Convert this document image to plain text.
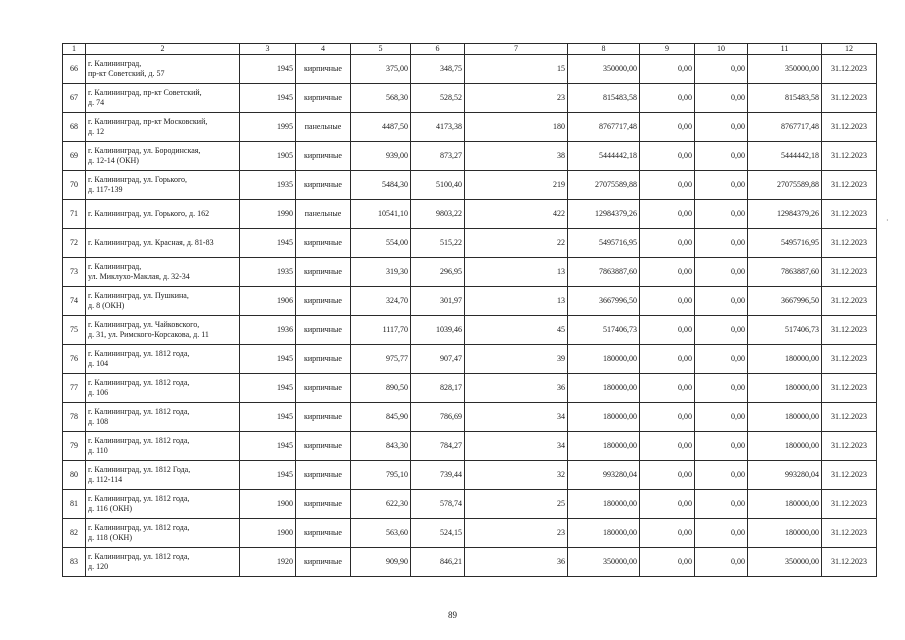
1	2	3	4	5	6	7	8	9	10	11	12
66	г. Калининград,
пр-кт Советский, д. 57	1945	кирпичные	375,00	348,75	15	350000,00	0,00	0,00	350000,00	31.12.2023
67	г. Калининград, пр-кт Советский,
д. 74	1945	кирпичные	568,30	528,52	23	815483,58	0,00	0,00	815483,58	31.12.2023
68	г. Калининград, пр-кт Московский,
д. 12	1995	панельные	4487,50	4173,38	180	8767717,48	0,00	0,00	8767717,48	31.12.2023
69	г. Калининград, ул. Бородинская,
д. 12-14 (ОКН)	1905	кирпичные	939,00	873,27	38	5444442,18	0,00	0,00	5444442,18	31.12.2023
70	г. Калининград, ул. Горького,
д. 117-139	1935	кирпичные	5484,30	5100,40	219	27075589,88	0,00	0,00	27075589,88	31.12.2023
71	г. Калининград, ул. Горького, д. 162	1990	панельные	10541,10	9803,22	422	12984379,26	0,00	0,00	12984379,26	31.12.2023
72	г. Калининград, ул. Красная, д. 81-83	1945	кирпичные	554,00	515,22	22	5495716,95	0,00	0,00	5495716,95	31.12.2023
73	г. Калининград,
ул. Миклухо-Маклая, д. 32-34	1935	кирпичные	319,30	296,95	13	7863887,60	0,00	0,00	7863887,60	31.12.2023
74	г. Калининград, ул. Пушкина,
д. 8 (ОКН)	1906	кирпичные	324,70	301,97	13	3667996,50	0,00	0,00	3667996,50	31.12.2023
75	г. Калининград, ул. Чайковского,
д. 31, ул. Римского-Корсакова, д. 11	1936	кирпичные	1117,70	1039,46	45	517406,73	0,00	0,00	517406,73	31.12.2023
76	г. Калининград, ул. 1812 года,
д. 104	1945	кирпичные	975,77	907,47	39	180000,00	0,00	0,00	180000,00	31.12.2023
77	г. Калининград, ул. 1812 года,
д. 106	1945	кирпичные	890,50	828,17	36	180000,00	0,00	0,00	180000,00	31.12.2023
78	г. Калининград, ул. 1812 года,
д. 108	1945	кирпичные	845,90	786,69	34	180000,00	0,00	0,00	180000,00	31.12.2023
79	г. Калининград, ул. 1812 года,
д. 110	1945	кирпичные	843,30	784,27	34	180000,00	0,00	0,00	180000,00	31.12.2023
80	г. Калининград, ул. 1812 Года,
д. 112-114	1945	кирпичные	795,10	739,44	32	993280,04	0,00	0,00	993280,04	31.12.2023
81	г. Калининград, ул. 1812 года,
д. 116 (ОКН)	1900	кирпичные	622,30	578,74	25	180000,00	0,00	0,00	180000,00	31.12.2023
82	г. Калининград, ул. 1812 года,
д. 118 (ОКН)	1900	кирпичные	563,60	524,15	23	180000,00	0,00	0,00	180000,00	31.12.2023
83	г. Калининград, ул. 1812 года,
д. 120	1920	кирпичные	909,90	846,21	36	350000,00	0,00	0,00	350000,00	31.12.2023
89
·
